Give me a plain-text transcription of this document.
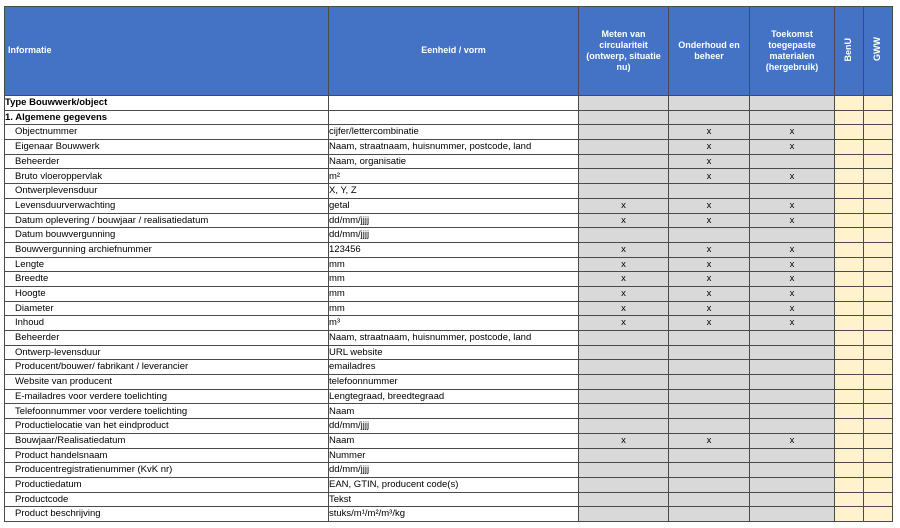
Informatie	Eenheid / vorm	Meten van circulariteit (ontwerp, situatie nu)	Onderhoud en beheer	Toekomst toegepaste materialen (hergebruik)	BenU	GWW
Type Bouwwerk/object						
1. Algemene gegevens						
Objectnummer	cijfer/lettercombinatie		x	x		
Eigenaar Bouwwerk	Naam, straatnaam, huisnummer, postcode, land		x	x		
Beheerder	Naam, organisatie		x			
Bruto vloeroppervlak	m²		x	x		
Ontwerplevensduur	X, Y, Z					
Levensduurverwachting	getal	x	x	x		
Datum oplevering / bouwjaar / realisatiedatum	dd/mm/jjjj	x	x	x		
Datum bouwvergunning	dd/mm/jjjj					
Bouwvergunning archiefnummer	123456	x	x	x		
Lengte	mm	x	x	x		
Breedte	mm	x	x	x		
Hoogte	mm	x	x	x		
Diameter	mm	x	x	x		
Inhoud	m³	x	x	x		
Beheerder	Naam, straatnaam, huisnummer, postcode, land					
Ontwerp-levensduur	URL website					
Producent/bouwer/ fabrikant / leverancier	emailadres					
Website van producent	telefoonnummer					
E-mailadres voor verdere toelichting	Lengtegraad, breedtegraad					
Telefoonnummer voor verdere toelichting	Naam					
Productielocatie van het eindproduct	dd/mm/jjjj					
Bouwjaar/Realisatiedatum	Naam	x	x	x		
Product handelsnaam	Nummer					
Producentregistratienummer (KvK nr)	dd/mm/jjjj					
Productiedatum	EAN, GTIN, producent code(s)					
Productcode	Tekst					
Product beschrijving	stuks/m¹/m²/m³/kg					
